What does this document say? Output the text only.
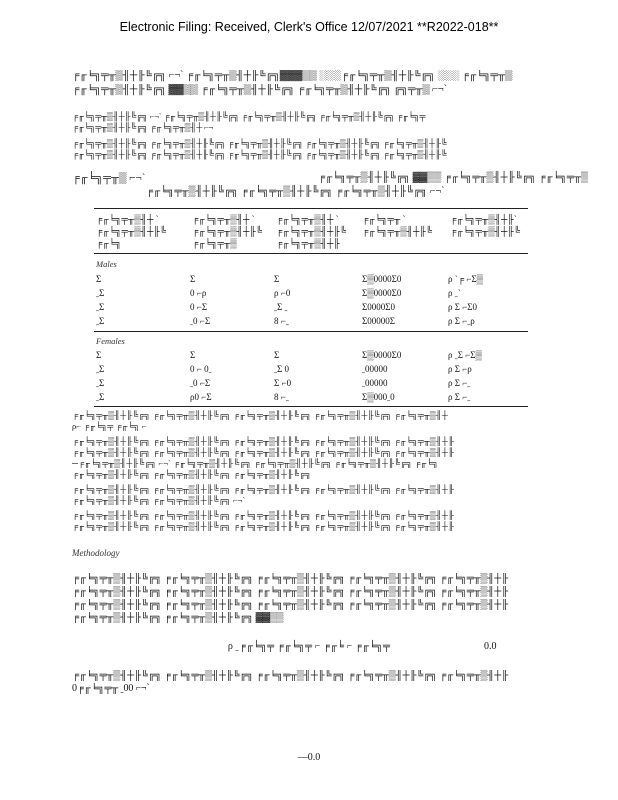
Electronic Filing: Received, Clerk's Office 12/07/2021 **R2022-018**
╒╓╘╗╤╥▒╢┼╟╚╔╗ ⌐¬ˋ ╒╓╘╗╤╥▒╢┼╟╚╔╗▓▓▓▒▒ ░░░╒╓╘╗╤╥▒╢┼╟╚╔╗ ░░░ ╒╓╘╗╤╥▒
╒╓╘╗╤╥▒╢┼╟╚╔╗ ▓▓▒▒ ╒╓╘╗╤╥▒╢┼╟╚╔╗ ╒╓╘╗╤╥▒╢┼╟╚╔╗ ╔╗╤╥▒ ⌐¬ˋ
╒╓╘╗╤╥▒╢┼╟╚╔╗ ⌐¬ˋ ╒╓╘╗╤╥▒╢┼╟╚╔╗ ╒╓╘╗╤╥▒╢┼╟╚╔╗ ╒╓╘╗╤╥▒╢┼╟╚╔╗ ╒╓╘╗╤
╒╓╘╗╤╥▒╢┼╟╚╔╗ ╒╓╘╗╤╥▒╢┼ ⌐¬
╒╓╘╗╤╥▒╢┼╟╚╔╗ ╒╓╘╗╤╥▒╢┼╟╚╔╗ ╒╓╘╗╤╥▒╢┼╟╚╔╗ ╒╓╘╗╤╥▒╢┼╟╚╔╗ ╒╓╘╗╤╥▒╢┼╟╚
╒╓╘╗╤╥▒╢┼╟╚╔╗ ╒╓╘╗╤╥▒╢┼╟╚╔╗ ╒╓╘╗╤╥▒╢┼╟╚╔╗ ╒╓╘╗╤╥▒╢┼╟╚╔╗ ╒╓╘╗╤╥▒╢┼╟╚
╒╓╘╗╤╥▒ ⌐¬ˋ	╒╓╘╗╤╥▒╢┼╟╚╔╗ ▓▓▒▒ ╒╓╘╗╤╥▒╢┼╟╚╔╗ ╒╓╘╗╤╥▒
╒╓╘╗╤╥▒╢┼╟╚╔╗ ╒╓╘╗╤╥▒╢┼╟╚╔╗ ╒╓╘╗╤╥▒╢┼╟╚╔╗ ⌐¬ˋ
╒╓╘╗╤╥▒╢┼ ˋ	╒╓╘╗╤╥▒╢┼ ˋ ╒╓╘╗╤╥▒╢┼ ˋ	╒╓╘╗╤╥ ˋ	╒╓╘╗╤╥▒╢┼╟ˋ
╒╓╘╗╤╥▒╢┼╟╚	╒╓╘╗╤╥▒╢┼╟╚ ╒╓╘╗╤╥▒╢┼╟╚ ╒╓╘╗╤╥▒╢┼╟╚ ╒╓╘╗╤╥▒╢┼╟╚
╒╓╘╗	╒╓╘╗╤╥▒	╒╓╘╗╤╥▒╢┼╟
Males
Σ	Σ	Σ	Σ▒0000Σ0	ρ ˋ╒ ⌐Σ▒
ˍΣ	0 ⌐ρ	ρ ⌐0	Σ▒0000Σ0	ρ ˍˋ
ˍΣ	0 ⌐Σ	ˍΣ ˍ	Σ0000Σ0	ρ Σ ⌐Σ0
ˍΣ	ˍ0 ⌐Σ	8 ⌐ˍ	Σ00000Σ	ρ Σ ⌐ˍρ
Females
Σ	Σ	Σ	Σ▒0000Σ0	ρ ˍΣ ⌐Σ▒
ˍΣ	0 ⌐ 0ˍ	ˍΣ 0	ˍ00000	ρ Σ ⌐ρ
ˍΣ	ˍ0 ⌐Σ	Σ ⌐0	ˍ00000	ρ Σ ⌐ˍ
ˍΣ	ρ0 ⌐Σ	8 ⌐ˍ	Σ▒000ˍ0	ρ Σ ⌐ˍ
╒╓╘╗╤╥▒╢┼╟╚╔╗ ╒╓╘╗╤╥▒╢┼╟╚╔╗ ╒╓╘╗╤╥▒╢┼╟╚╔╗ ╒╓╘╗╤╥▒╢┼╟╚╔╗ ╒╓╘╗╤╥▒╢┼
ρ⌐ ╒╓╘╗╤ ╒╓╘╗ ⌐
╒╓╘╗╤╥▒╢┼╟╚╔╗ ╒╓╘╗╤╥▒╢┼╟╚╔╗ ╒╓╘╗╤╥▒╢┼╟╚╔╗ ╒╓╘╗╤╥▒╢┼╟╚╔╗ ╒╓╘╗╤╥▒╢┼╟
╒╓╘╗╤╥▒╢┼╟╚╔╗ ╒╓╘╗╤╥▒╢┼╟╚╔╗ ╒╓╘╗╤╥▒╢┼╟╚╔╗ ╒╓╘╗╤╥▒╢┼╟╚╔╗ ╒╓╘╗╤╥▒╢┼╟
─╒╓╘╗╤╥▒╢┼╟╚╔╗ ⌐¬ˋ ╒╓╘╗╤╥▒╢┼╟╚╔╗ ╒╓╘╗╤╥▒╢┼╟╚╔╗ ╒╓╘╗╤╥▒╢┼╟╚╔╗ ╒╓╘╗
╒╓╘╗╤╥▒╢┼╟╚╔╗ ╒╓╘╗╤╥▒╢┼╟╚╔╗ ╒╓╘╗╤╥▒╢┼╟╚╔╗
╒╓╘╗╤╥▒╢┼╟╚╔╗ ╒╓╘╗╤╥▒╢┼╟╚╔╗ ╒╓╘╗╤╥▒╢┼╟╚╔╗ ╒╓╘╗╤╥▒╢┼╟╚╔╗ ╒╓╘╗╤╥▒╢┼╟
╒╓╘╗╤╥▒╢┼╟╚╔╗ ╒╓╘╗╤╥▒╢┼╟╚╔╗ ⌐¬ˋ
╒╓╘╗╤╥▒╢┼╟╚╔╗ ╒╓╘╗╤╥▒╢┼╟╚╔╗ ╒╓╘╗╤╥▒╢┼╟╚╔╗ ╒╓╘╗╤╥▒╢┼╟╚╔╗ ╒╓╘╗╤╥▒╢┼╟
╒╓╘╗╤╥▒╢┼╟╚╔╗ ╒╓╘╗╤╥▒╢┼╟╚╔╗ ╒╓╘╗╤╥▒╢┼╟╚╔╗ ╒╓╘╗╤╥▒╢┼╟╚╔╗ ╒╓╘╗╤╥▒╢┼╟
Methodology
╒╓╘╗╤╥▒╢┼╟╚╔╗ ╒╓╘╗╤╥▒╢┼╟╚╔╗ ╒╓╘╗╤╥▒╢┼╟╚╔╗ ╒╓╘╗╤╥▒╢┼╟╚╔╗ ╒╓╘╗╤╥▒╢┼╟
╒╓╘╗╤╥▒╢┼╟╚╔╗ ╒╓╘╗╤╥▒╢┼╟╚╔╗ ╒╓╘╗╤╥▒╢┼╟╚╔╗ ╒╓╘╗╤╥▒╢┼╟╚╔╗ ╒╓╘╗╤╥▒╢┼╟
╒╓╘╗╤╥▒╢┼╟╚╔╗ ╒╓╘╗╤╥▒╢┼╟╚╔╗ ╒╓╘╗╤╥▒╢┼╟╚╔╗ ╒╓╘╗╤╥▒╢┼╟╚╔╗ ╒╓╘╗╤╥▒╢┼╟
╒╓╘╗╤╥▒╢┼╟╚╔╗ ╒╓╘╗╤╥▒╢┼╟╚╔╗ ▓▓▒▒
ρ ˍ╒╓╘╗╤ ╒╓╘╗╤ ⌐ ╒╓╘ ⌐ ╒╓╘╗╤	0.0
╒╓╘╗╤╥▒╢┼╟╚╔╗ ╒╓╘╗╤╥▒╢┼╟╚╔╗ ╒╓╘╗╤╥▒╢┼╟╚╔╗ ╒╓╘╗╤╥▒╢┼╟╚╔╗ ╒╓╘╗╤╥▒╢┼╟
0╒╓╘╗╤╥ ˍ00 ⌐¬ˋ
—0.0
